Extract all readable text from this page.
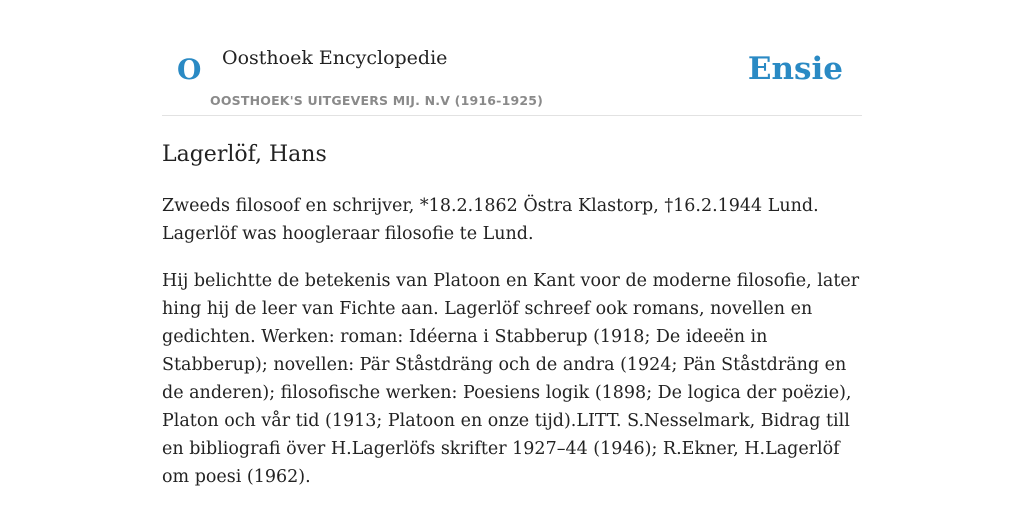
O Oosthoek Encyclopedie
OOSTHOEK'S UITGEVERS MIJ. N.V (1916-1925)
Ensie
Lagerlöf, Hans

Zweeds filosoof en schrijver, *18.2.1862 Östra Klastorp, †16.2.1944 Lund. Lagerlöf was hoogleraar filosofie te Lund.

Hij belichtte de betekenis van Platoon en Kant voor de moderne filosofie, later hing hij de leer van Fichte aan. Lagerlöf schreef ook romans, novellen en gedichten. Werken: roman: Idéerna i Stabberup (1918; De ideeën in Stabberup); novellen: Pär Ståstdräng och de andra (1924; Pän Ståstdräng en de anderen); filosofische werken: Poesiens logik (1898; De logica der poëzie), Platon och vår tid (1913; Platoon en onze tijd).LITT. S.Nesselmark, Bidrag till en bibliografi över H.Lagerlöfs skrifter 1927–44 (1946); R.Ekner, H.Lagerlöf om poesi (1962).
